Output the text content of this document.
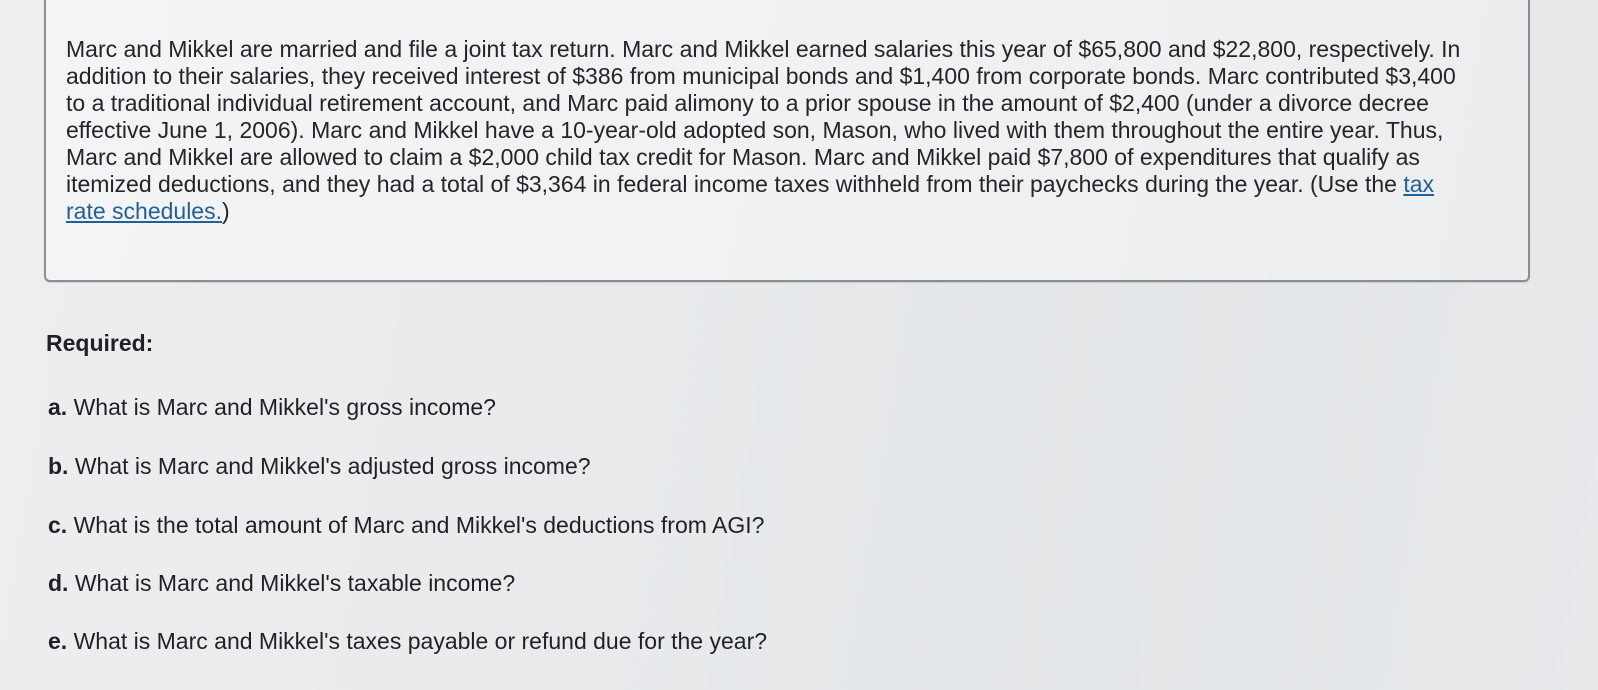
Marc and Mikkel are married and file a joint tax return. Marc and Mikkel earned salaries this year of $65,800 and $22,800, respectively. In addition to their salaries, they received interest of $386 from municipal bonds and $1,400 from corporate bonds. Marc contributed $3,400 to a traditional individual retirement account, and Marc paid alimony to a prior spouse in the amount of $2,400 (under a divorce decree effective June 1, 2006). Marc and Mikkel have a 10-year-old adopted son, Mason, who lived with them throughout the entire year. Thus, Marc and Mikkel are allowed to claim a $2,000 child tax credit for Mason. Marc and Mikkel paid $7,800 of expenditures that qualify as itemized deductions, and they had a total of $3,364 in federal income taxes withheld from their paychecks during the year. (Use the tax rate schedules.)

Required:

a. What is Marc and Mikkel's gross income?

b. What is Marc and Mikkel's adjusted gross income?

c. What is the total amount of Marc and Mikkel's deductions from AGI?

d. What is Marc and Mikkel's taxable income?

e. What is Marc and Mikkel's taxes payable or refund due for the year?
